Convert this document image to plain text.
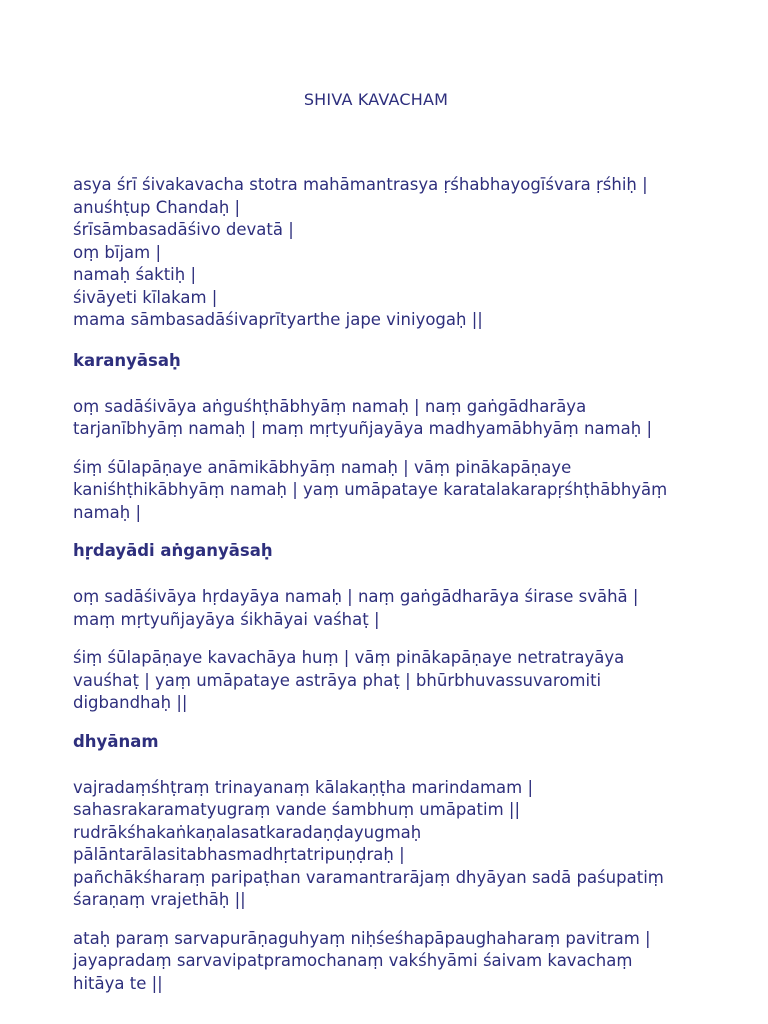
SHIVA KAVACHAM
asya śrī śivakavacha stotra mahāmantrasya ṛśhabhayogīśvara ṛśhiḥ |
anuśhṭup Chandaḥ |
śrīsāmbasadāśivo devatā |
oṃ bījam |
namaḥ śaktiḥ |
śivāyeti kīlakam |
mama sāmbasadāśivaprītyarthe jape viniyogaḥ ||
karanyāsaḥ
oṃ sadāśivāya aṅguśhṭhābhyāṃ namaḥ | naṃ gaṅgādharāya
tarjanībhyāṃ namaḥ | maṃ mṛtyuñjayāya madhyamābhyāṃ namaḥ |
śiṃ śūlapāṇaye anāmikābhyāṃ namaḥ | vāṃ pinākapāṇaye
kaniśhṭhikābhyāṃ namaḥ | yaṃ umāpataye karatalakarapṛśhṭhābhyāṃ
namaḥ |
hṛdayādi aṅganyāsaḥ
oṃ sadāśivāya hṛdayāya namaḥ | naṃ gaṅgādharāya śirase svāhā |
maṃ mṛtyuñjayāya śikhāyai vaśhaṭ |
śiṃ śūlapāṇaye kavachāya huṃ | vāṃ pinākapāṇaye netratrayāya
vauśhaṭ | yaṃ umāpataye astrāya phaṭ | bhūrbhuvassuvaromiti
digbandhaḥ ||
dhyānam
vajradaṃśhṭraṃ trinayanaṃ kālakaṇṭha marindamam |
sahasrakaramatyugraṃ vande śambhuṃ umāpatim ||
rudrākśhakaṅkaṇalasatkaradaṇḍayugmaḥ
pālāntarālasitabhasmadhṛtatripuṇḍraḥ |
pañchākśharaṃ paripaṭhan varamantrarājaṃ dhyāyan sadā paśupatiṃ
śaraṇaṃ vrajethāḥ ||
ataḥ paraṃ sarvapurāṇaguhyaṃ niḥśeśhapāpaughaharaṃ pavitram |
jayapradaṃ sarvavipatpramochanaṃ vakśhyāmi śaivam kavachaṃ
hitāya te ||
